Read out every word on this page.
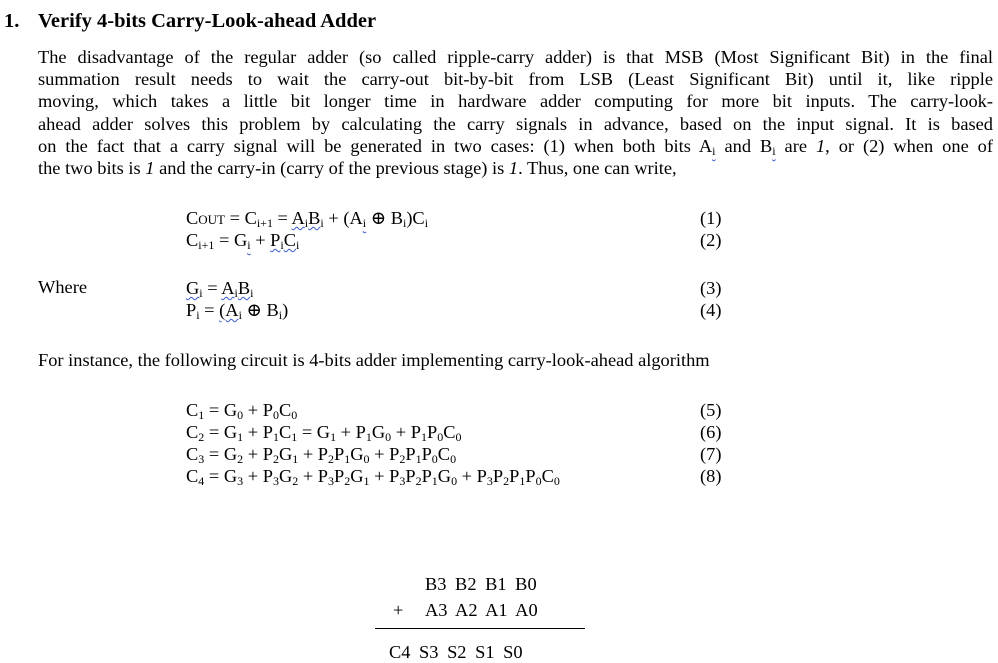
1. Verify 4-bits Carry-Look-ahead Adder
The disadvantage of the regular adder (so called ripple-carry adder) is that MSB (Most Significant Bit) in the final
summation result needs to wait the carry-out bit-by-bit from LSB (Least Significant Bit) until it, like ripple
moving, which takes a little bit longer time in hardware adder computing for more bit inputs. The carry-look-
ahead adder solves this problem by calculating the carry signals in advance, based on the input signal. It is based
on the fact that a carry signal will be generated in two cases: (1) when both bits $A_i$ and $B_i$ are 1, or (2) when one of
the two bits is 1 and the carry-in (carry of the previous stage) is 1. Thus, one can write,
COUT = $C_{i+1} = A_iB_i + (A_i$ ⊕ $B_i)C_i$	(1)
$C_{i+1} = G_i + P_iC_i$	(2)
Where	$G_i = A_iB_i$	(3)
$P_i = (A_i$ ⊕ $B_i$)	(4)
For instance, the following circuit is 4-bits adder implementing carry-look-ahead algorithm
$C_1 = G_0 + P_0C_0$	(5)
$C_2 = G_1 + P_1C_1 = G_1 + P_1G_0 + P_1P_0C_0$	(6)
$C_3 = G_2 + P_2G_1 + P_2P_1G_0 + P_2P_1P_0C_0$	(7)
$C_4 = G_3 + P_3G_2 + P_3P_2G_1 + P_3P_2P_1G_0 + P_3P_2P_1P_0C_0$	(8)
B3 B2 B1 B0
+ A3 A2 A1 A0
C4 S3 S2 S1 S0
